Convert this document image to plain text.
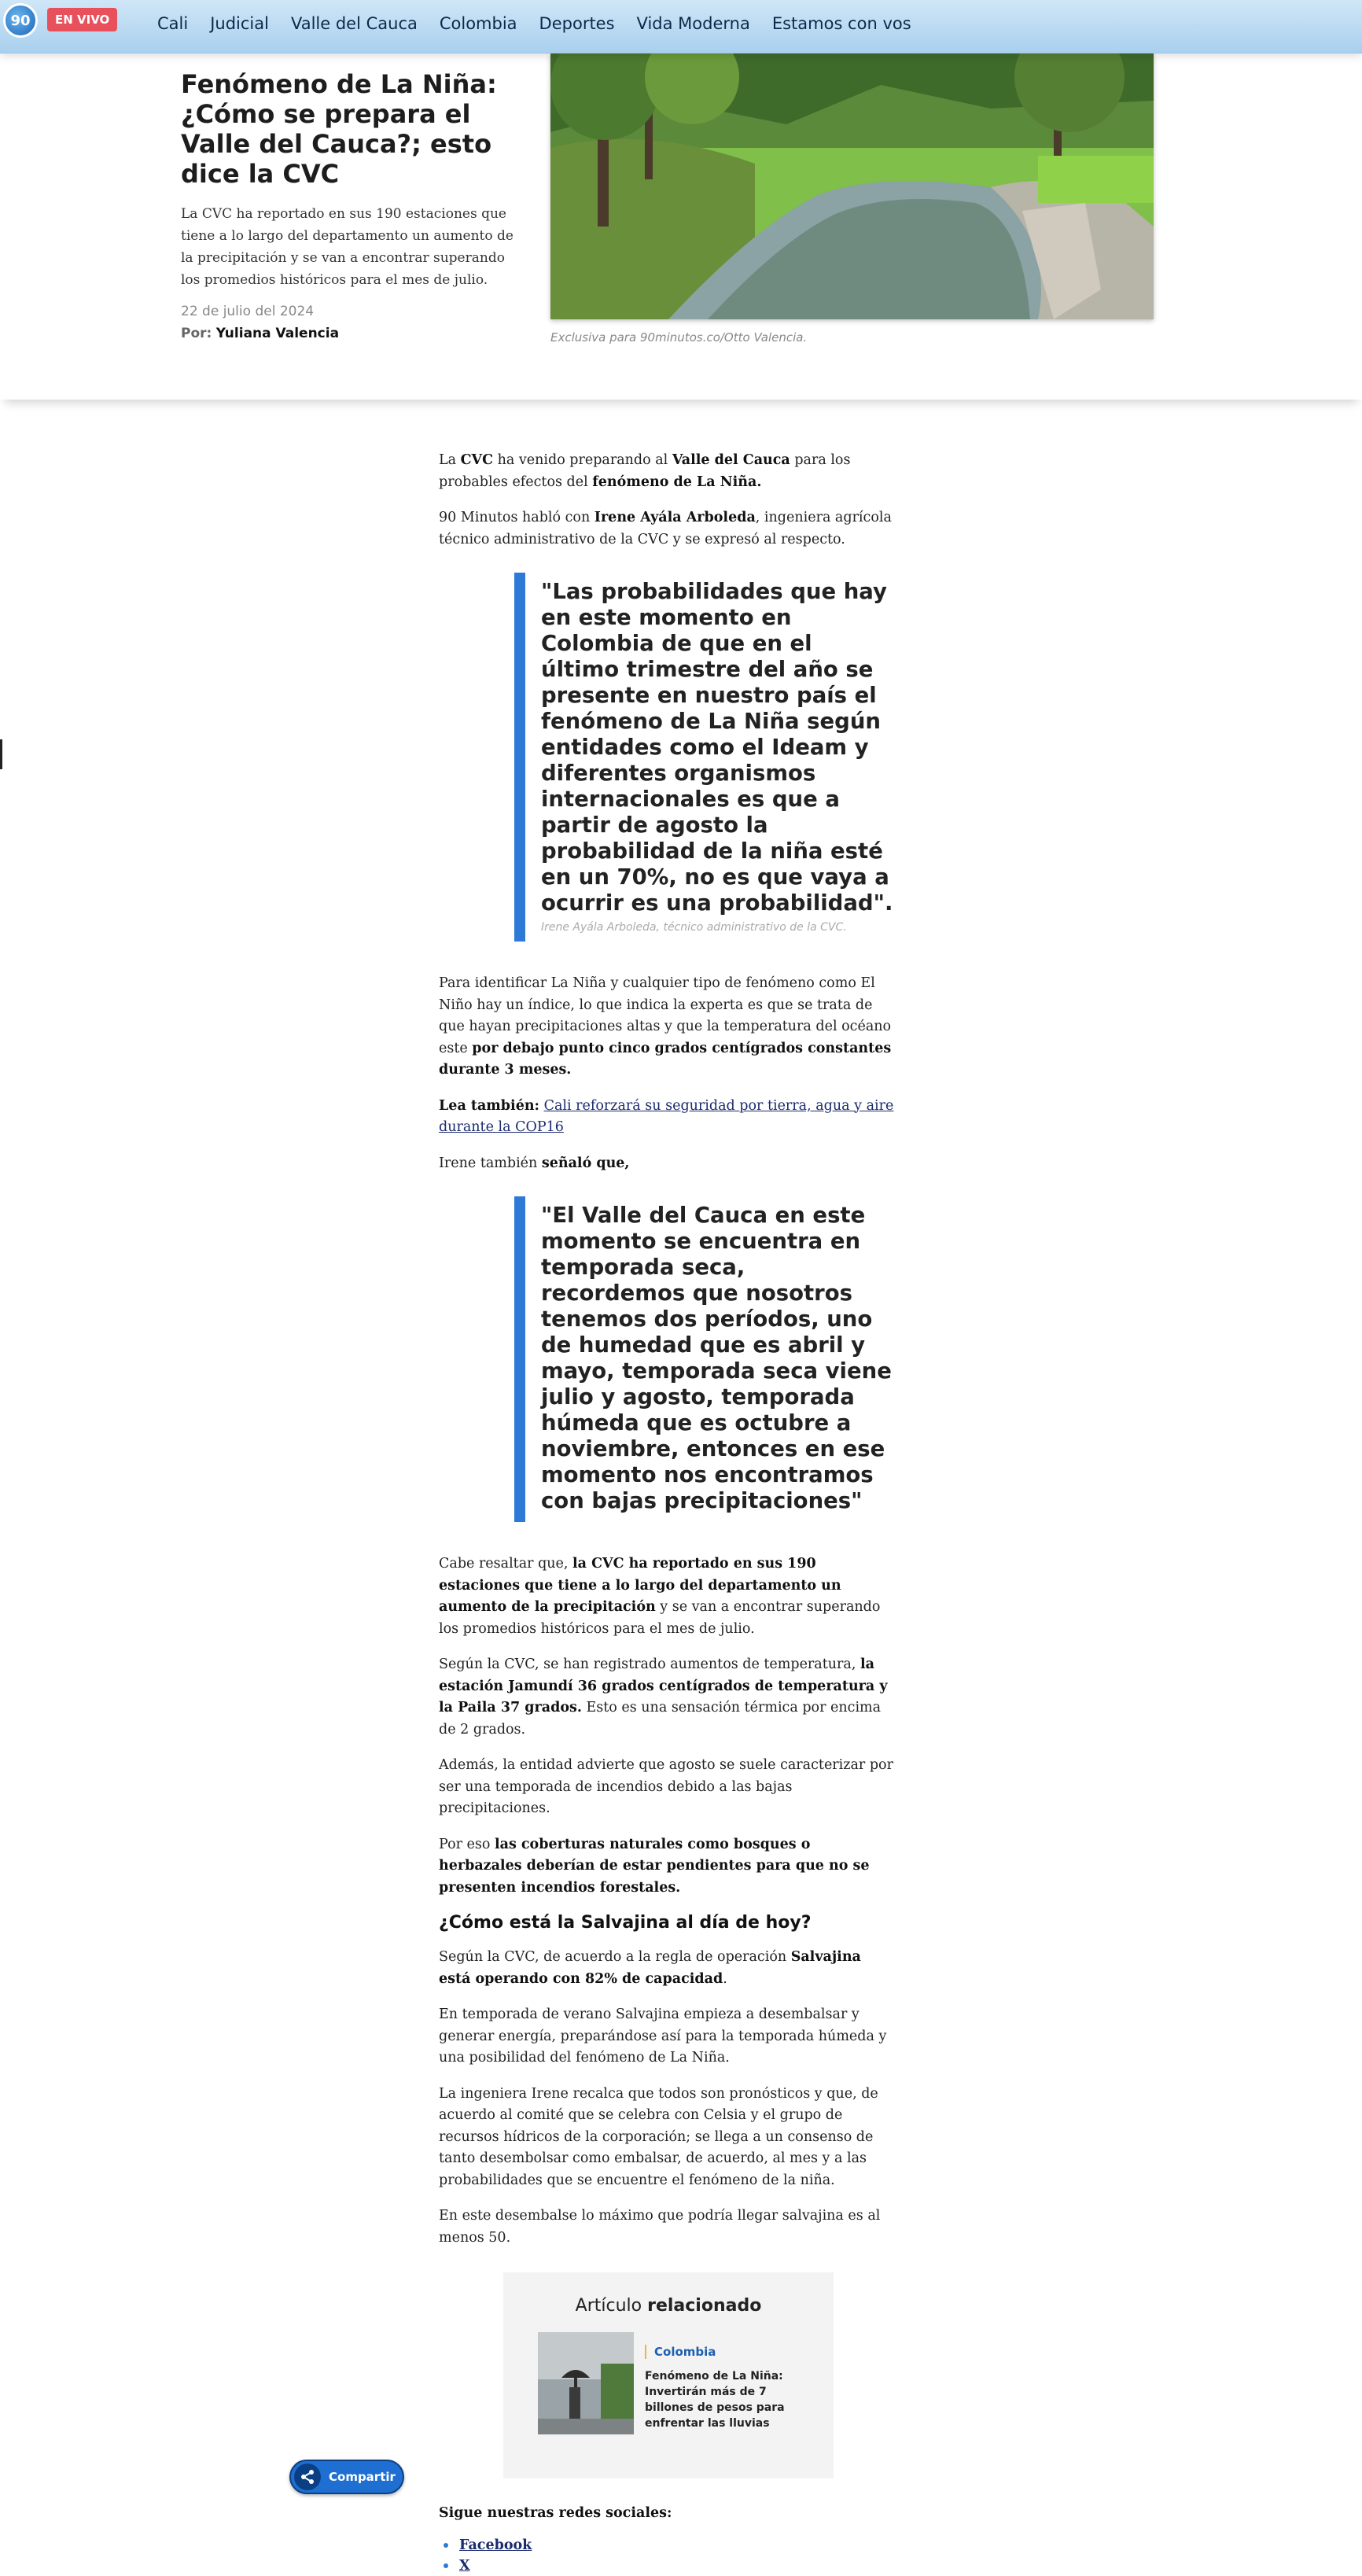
90	EN VIVO	Cali Judicial Valle del Cauca Colombia Deportes Vida Moderna Estamos con vos
Fenómeno de La Niña: ¿Cómo se prepara el Valle del Cauca?; esto dice la CVC

La CVC ha reportado en sus 190 estaciones que tiene a lo largo del departamento un aumento de la precipitación y se van a encontrar superando los promedios históricos para el mes de julio.

22 de julio del 2024
Por: Yuliana Valencia	Exclusiva para 90minutos.co/Otto Valencia.

La CVC ha venido preparando al Valle del Cauca para los probables efectos del fenómeno de La Niña.

90 Minutos habló con Irene Ayála Arboleda, ingeniera agrícola técnico administrativo de la CVC y se expresó al respecto.

"Las probabilidades que hay en este momento en Colombia de que en el último trimestre del año se presente en nuestro país el fenómeno de La Niña según entidades como el Ideam y diferentes organismos internacionales es que a partir de agosto la probabilidad de la niña esté en un 70%, no es que vaya a ocurrir es una probabilidad".
Irene Ayála Arboleda, técnico administrativo de la CVC.

Para identificar La Niña y cualquier tipo de fenómeno como El Niño hay un índice, lo que indica la experta es que se trata de que hayan precipitaciones altas y que la temperatura del océano este por debajo punto cinco grados centígrados constantes durante 3 meses.

Lea también: Cali reforzará su seguridad por tierra, agua y aire durante la COP16

Irene también señaló que,

"El Valle del Cauca en este momento se encuentra en temporada seca, recordemos que nosotros tenemos dos períodos, uno de humedad que es abril y mayo, temporada seca viene julio y agosto, temporada húmeda que es octubre a noviembre, entonces en ese momento nos encontramos con bajas precipitaciones"

Cabe resaltar que, la CVC ha reportado en sus 190 estaciones que tiene a lo largo del departamento un aumento de la precipitación y se van a encontrar superando los promedios históricos para el mes de julio.

Según la CVC, se han registrado aumentos de temperatura, la estación Jamundí 36 grados centígrados de temperatura y la Paila 37 grados. Esto es una sensación térmica por encima de 2 grados.

Además, la entidad advierte que agosto se suele caracterizar por ser una temporada de incendios debido a las bajas precipitaciones.

Por eso las coberturas naturales como bosques o herbazales deberían de estar pendientes para que no se presenten incendios forestales.

¿Cómo está la Salvajina al día de hoy?

Según la CVC, de acuerdo a la regla de operación Salvajina está operando con 82% de capacidad.

En temporada de verano Salvajina empieza a desembalsar y generar energía, preparándose así para la temporada húmeda y una posibilidad del fenómeno de La Niña.

La ingeniera Irene recalca que todos son pronósticos y que, de acuerdo al comité que se celebra con Celsia y el grupo de recursos hídricos de la corporación; se llega a un consenso de tanto desembolsar como embalsar, de acuerdo, al mes y a las probabilidades que se encuentre el fenómeno de la niña.

En este desembalse lo máximo que podría llegar salvajina es al menos 50.

Artículo relacionado
Colombia
Fenómeno de La Niña: Invertirán más de 7 billones de pesos para enfrentar las lluvias

Sigue nuestras redes sociales:

Facebook
X
Compartir
